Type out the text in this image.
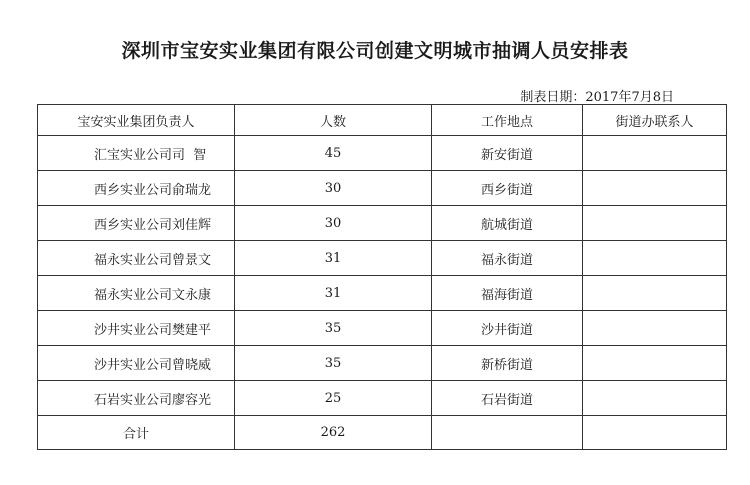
深圳市宝安实业集团有限公司创建文明城市抽调人员安排表
制表日期：2017年7月8日
宝安实业集团负责人	人数	工作地点	街道办联系人
汇宝实业公司司  智	45	新安街道	
西乡实业公司俞瑞龙	30	西乡街道	
西乡实业公司刘佳辉	30	航城街道	
福永实业公司曾景文	31	福永街道	
福永实业公司文永康	31	福海街道	
沙井实业公司樊建平	35	沙井街道	
沙井实业公司曾晓威	35	新桥街道	
石岩实业公司廖容光	25	石岩街道	
合计	262		
